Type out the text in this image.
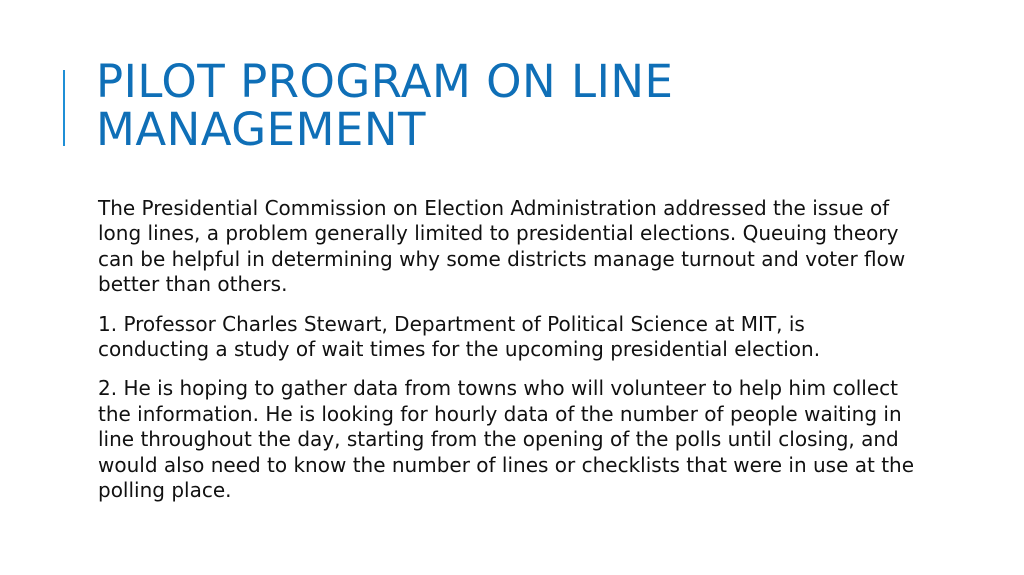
PILOT PROGRAM ON LINE
MANAGEMENT

The Presidential Commission on Election Administration addressed the issue of long lines, a problem generally limited to presidential elections. Queuing theory can be helpful in determining why some districts manage turnout and voter flow better than others.

1. Professor Charles Stewart, Department of Political Science at MIT, is conducting a study of wait times for the upcoming presidential election.

2. He is hoping to gather data from towns who will volunteer to help him collect the information. He is looking for hourly data of the number of people waiting in line throughout the day, starting from the opening of the polls until closing, and would also need to know the number of lines or checklists that were in use at the polling place.
